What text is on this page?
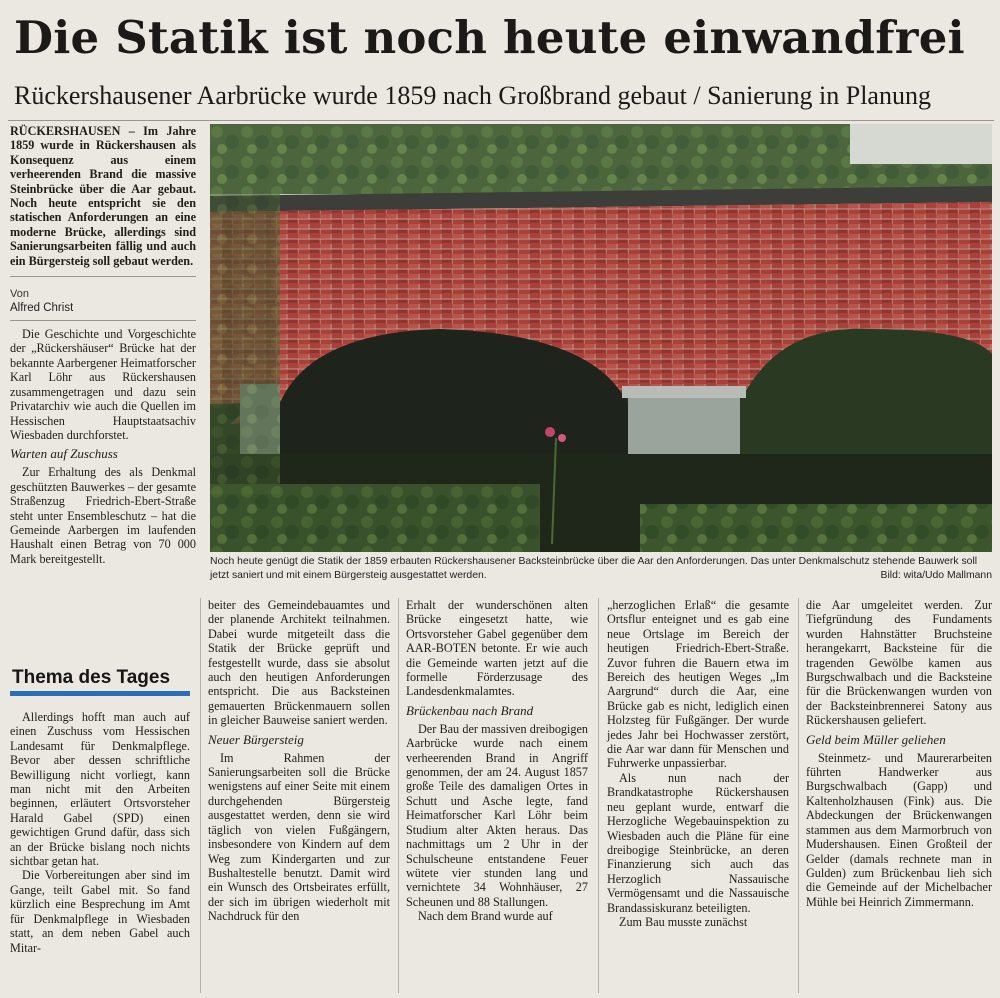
Die Statik ist noch heute einwandfrei
Rückershausener Aarbrücke wurde 1859 nach Großbrand gebaut / Sanierung in Planung

RÜCKERSHAUSEN – Im Jahre 1859 wurde in Rückershausen als Konsequenz aus einem verheerenden Brand die massive Steinbrücke über die Aar gebaut. Noch heute entspricht sie den statischen Anforderungen an eine moderne Brücke, allerdings sind Sanierungsarbeiten fällig und auch ein Bürgersteig soll gebaut werden.

Von
Alfred Christ

Die Geschichte und Vorgeschichte der „Rückershäuser“ Brücke hat der bekannte Aarbergener Heimatforscher Karl Löhr aus Rückershausen zusammengetragen und dazu sein Privatarchiv wie auch die Quellen im Hessischen Hauptstaatsachiv Wiesbaden durchforstet.

Warten auf Zuschuss

Zur Erhaltung des als Denkmal geschützten Bauwerkes – der gesamte Straßenzug Friedrich-Ebert-Straße steht unter Ensembleschutz – hat die Gemeinde Aarbergen im laufenden Haushalt einen Betrag von 70 000 Mark bereitgestellt.

Thema des Tages

Allerdings hofft man auch auf einen Zuschuss vom Hessischen Landesamt für Denkmalpflege. Bevor aber dessen schriftliche Bewilligung nicht vorliegt, kann man nicht mit den Arbeiten beginnen, erläutert Ortsvorsteher Harald Gabel (SPD) einen gewichtigen Grund dafür, dass sich an der Brücke bislang noch nichts sichtbar getan hat.

Die Vorbereitungen aber sind im Gange, teilt Gabel mit. So fand kürzlich eine Besprechung im Amt für Denkmalpflege in Wiesbaden statt, an dem neben Gabel auch Mitar-

Noch heute genügt die Statik der 1859 erbauten Rückershausener Backsteinbrücke über die Aar den Anforderungen. Das unter Denkmalschutz stehende Bauwerk soll jetzt saniert und mit einem Bürgersteig ausgestattet werden.	Bild: wita/Udo Mallmann

beiter des Gemeindebauamtes und der planende Architekt teilnahmen. Dabei wurde mitgeteilt dass die Statik der Brücke geprüft und festgestellt wurde, dass sie absolut auch den heutigen Anforderungen entspricht. Die aus Backsteinen gemauerten Brückenmauern sollen in gleicher Bauweise saniert werden.

Neuer Bürgersteig

Im Rahmen der Sanierungsarbeiten soll die Brücke wenigstens auf einer Seite mit einem durchgehenden Bürgersteig ausgestattet werden, denn sie wird täglich von vielen Fußgängern, insbesondere von Kindern auf dem Weg zum Kindergarten und zur Bushaltestelle benutzt. Damit wird ein Wunsch des Ortsbeirates erfüllt, der sich im übrigen wiederholt mit Nachdruck für den

Erhalt der wunderschönen alten Brücke eingesetzt hatte, wie Ortsvorsteher Gabel gegenüber dem AAR-BOTEN betonte. Er wie auch die Gemeinde warten jetzt auf die formelle Förderzusage des Landesdenkmalamtes.

Brückenbau nach Brand

Der Bau der massiven dreibogigen Aarbrücke wurde nach einem verheerenden Brand in Angriff genommen, der am 24. August 1857 große Teile des damaligen Ortes in Schutt und Asche legte, fand Heimatforscher Karl Löhr beim Studium alter Akten heraus. Das nachmittags um 2 Uhr in der Schulscheune entstandene Feuer wütete vier stunden lang und vernichtete 34 Wohnhäuser, 27 Scheunen und 88 Stallungen.

Nach dem Brand wurde auf

„herzoglichen Erlaß“ die gesamte Ortsflur enteignet und es gab eine neue Ortslage im Bereich der heutigen Friedrich-Ebert-Straße. Zuvor fuhren die Bauern etwa im Bereich des heutigen Weges „Im Aargrund“ durch die Aar, eine Brücke gab es nicht, lediglich einen Holzsteg für Fußgänger. Der wurde jedes Jahr bei Hochwasser zerstört, die Aar war dann für Menschen und Fuhrwerke unpassierbar.

Als nun nach der Brandkatastrophe Rückershausen neu geplant wurde, entwarf die Herzogliche Wegebauinspektion zu Wiesbaden auch die Pläne für eine dreibogige Steinbrücke, an deren Finanzierung sich auch das Herzoglich Nassauische Vermögensamt und die Nassauische Brandassiskuranz beteiligten.

Zum Bau musste zunächst

die Aar umgeleitet werden. Zur Tiefgründung des Fundaments wurden Hahnstätter Bruchsteine herangekarrt, Backsteine für die tragenden Gewölbe kamen aus Burgschwalbach und die Backsteine für die Brückenwangen wurden von der Backsteinbrennerei Satony aus Rückershausen geliefert.

Geld beim Müller geliehen

Steinmetz- und Maurerarbeiten führten Handwerker aus Burgschwalbach (Gapp) und Kaltenholzhausen (Fink) aus. Die Abdeckungen der Brückenwangen stammen aus dem Marmorbruch von Mudershausen. Einen Großteil der Gelder (damals rechnete man in Gulden) zum Brückenbau lieh sich die Gemeinde auf der Michelbacher Mühle bei Heinrich Zimmermann.
